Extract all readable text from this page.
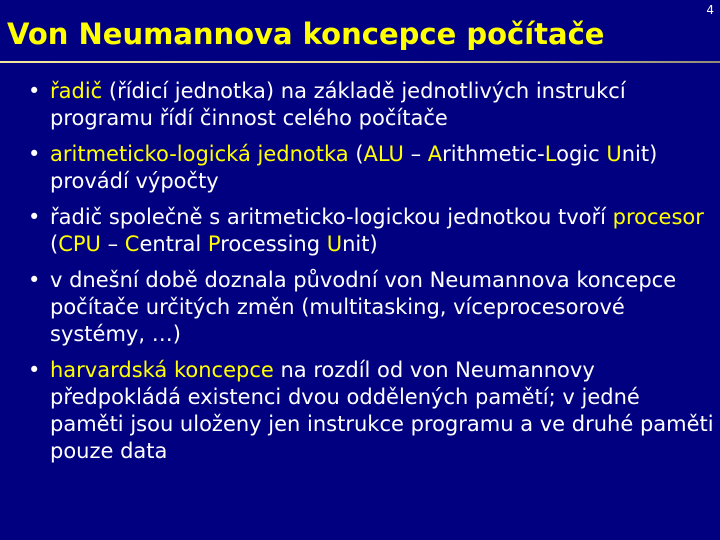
Von Neumannova koncepce počítače
4
• řadič (řídicí jednotka) na základě jednotlivých instrukcí programu řídí činnost celého počítače
• aritmeticko-logická jednotka (ALU – Arithmetic-Logic Unit) provádí výpočty
• řadič společně s aritmeticko-logickou jednotkou tvoří procesor (CPU – Central Processing Unit)
• v dnešní době doznala původní von Neumannova koncepce počítače určitých změn (multitasking, víceprocesorové systémy, …)
• harvardská koncepce na rozdíl od von Neumannovy předpokládá existenci dvou oddělených pamětí; v jedné paměti jsou uloženy jen instrukce programu a ve druhé paměti pouze data
